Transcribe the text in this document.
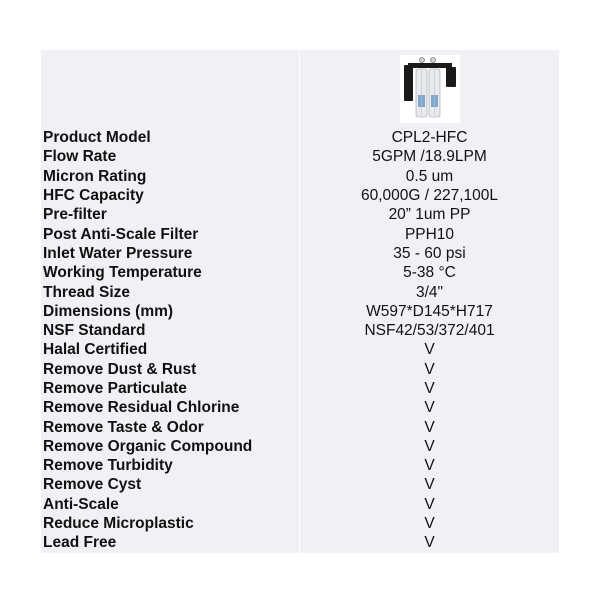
Product Model	CPL2-HFC
Flow Rate	5GPM /18.9LPM
Micron Rating	0.5 um
HFC Capacity	60,000G / 227,100L
Pre-filter	20” 1um PP
Post Anti-Scale Filter	PPH10
Inlet Water Pressure	35 - 60 psi
Working Temperature	5-38 °C
Thread Size	3/4"
Dimensions (mm)	W597*D145*H717
NSF Standard	NSF42/53/372/401
Halal Certified	V
Remove Dust & Rust	V
Remove Particulate	V
Remove Residual Chlorine	V
Remove Taste & Odor	V
Remove Organic Compound	V
Remove Turbidity	V
Remove Cyst	V
Anti-Scale	V
Reduce Microplastic	V
Lead Free	V
